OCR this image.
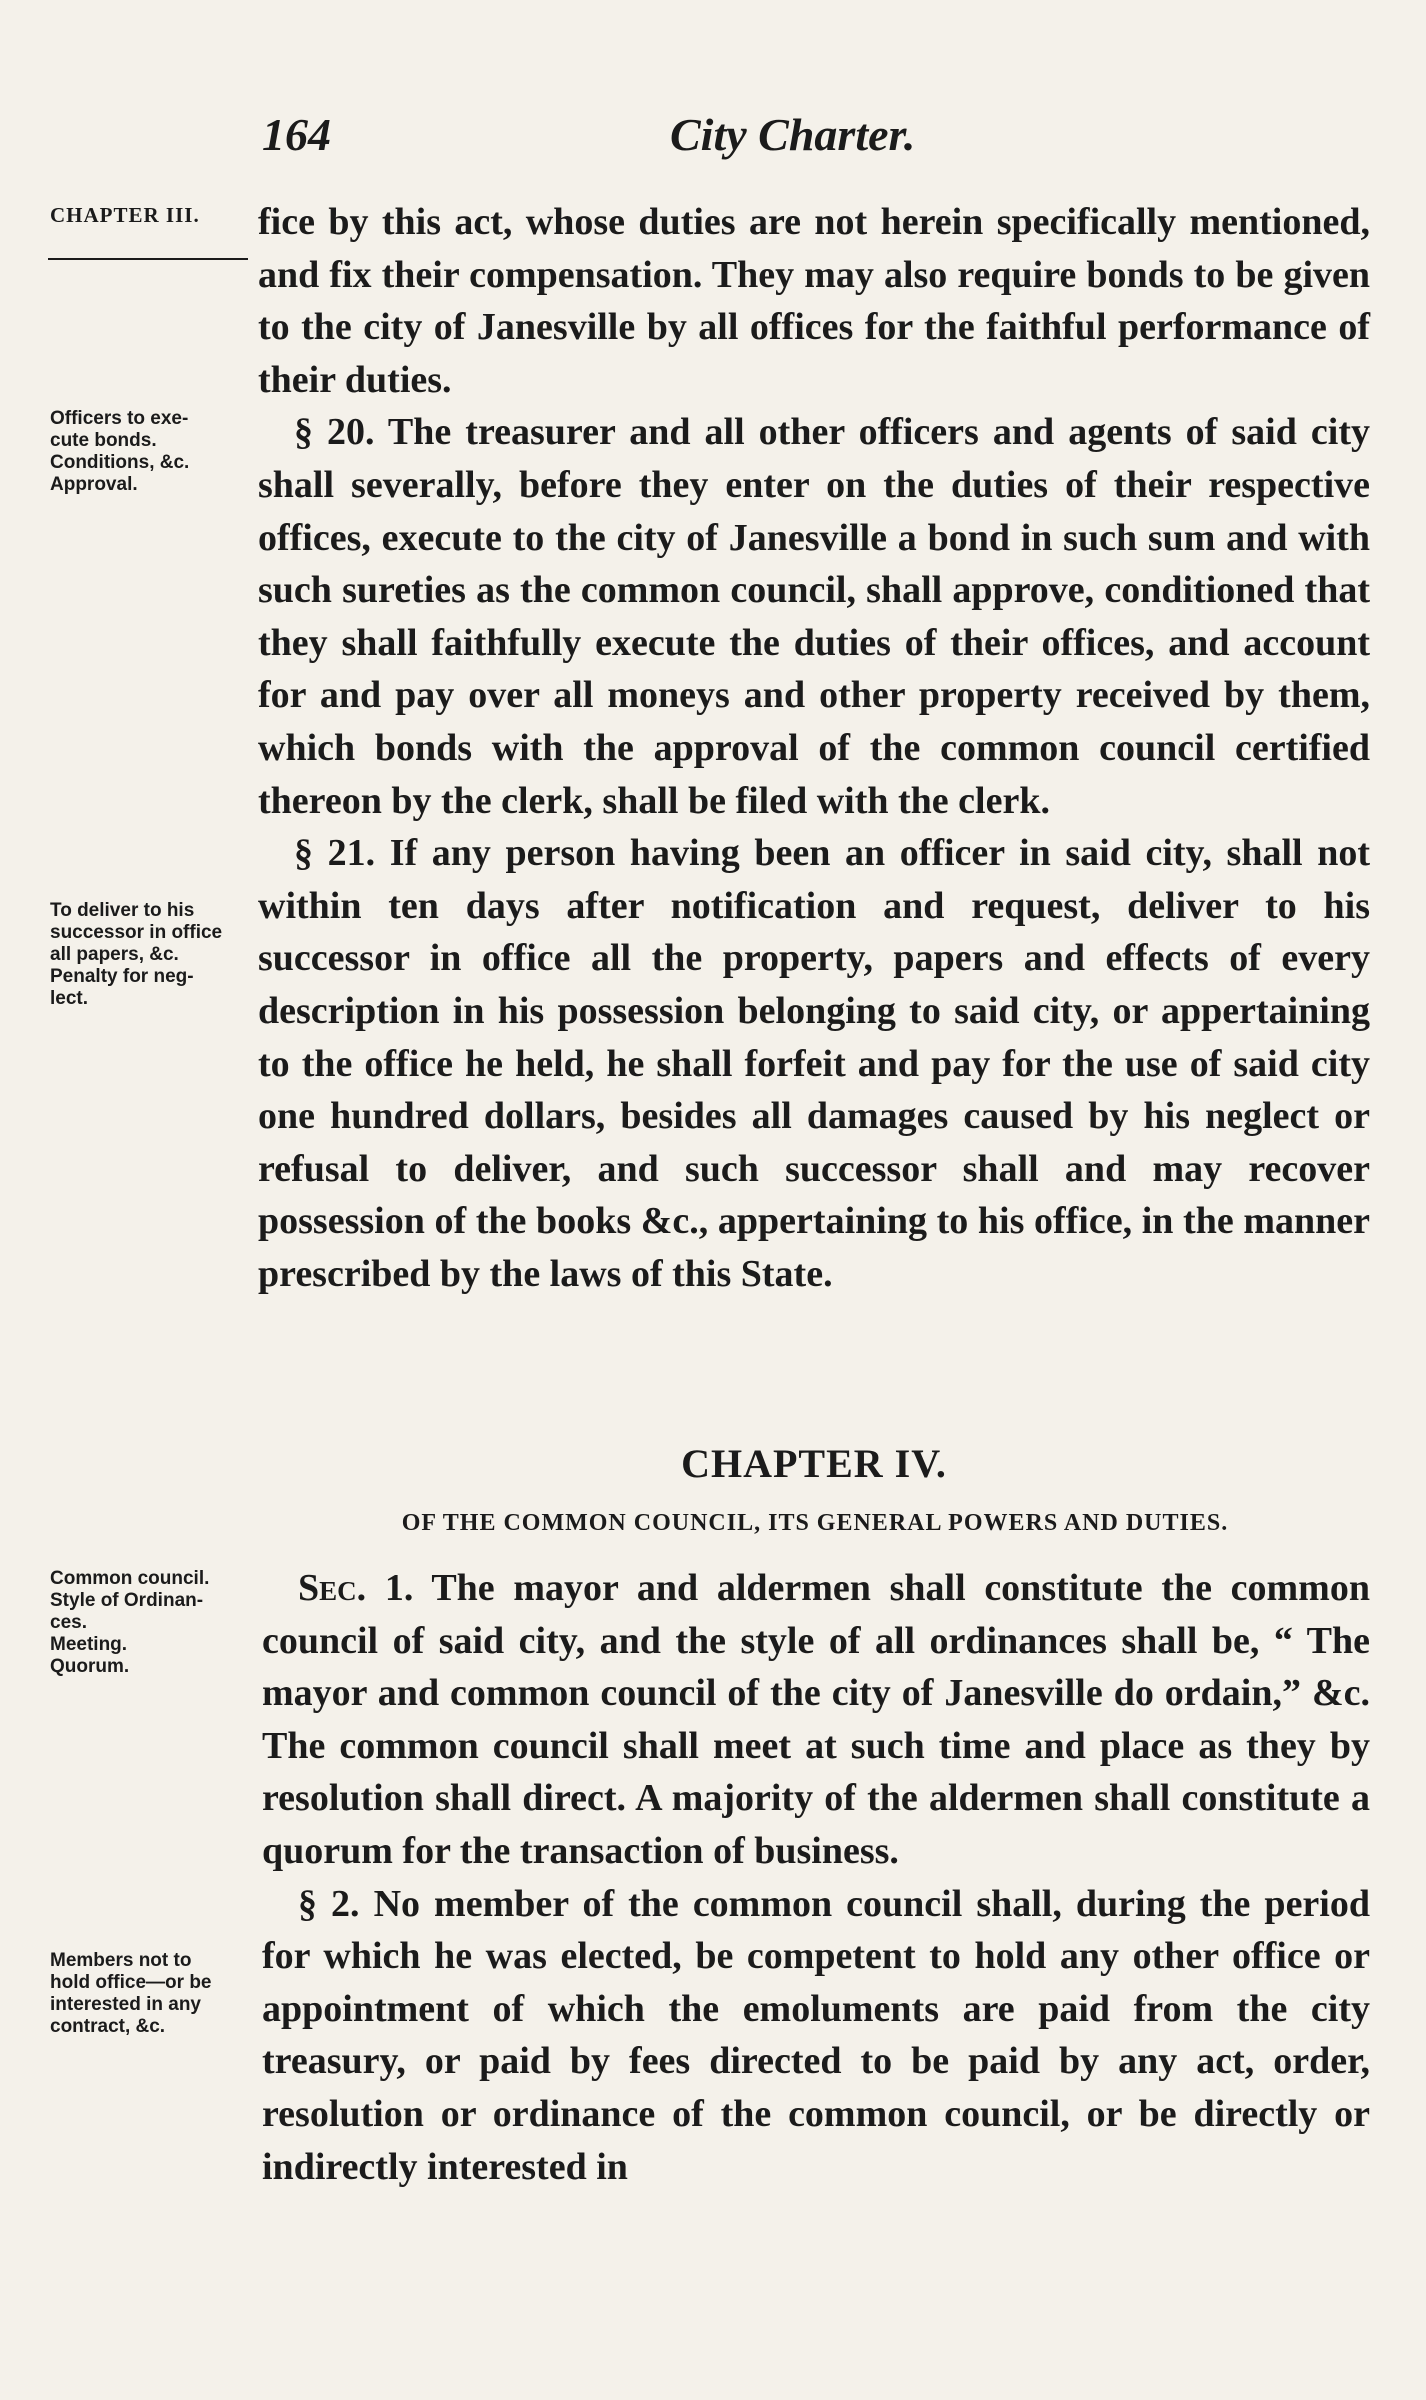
164	City Charter.
CHAPTER III.
Officers to exe-
cute bonds.
Conditions, &c.
Approval.
To deliver to his
successor in office
all papers, &c.
Penalty for neg-
lect.
Common council.
Style of Ordinan-
ces.
Meeting.
Quorum.
Members not to
hold office—or be
interested in any
contract, &c.

fice by this act, whose duties are not herein specifically mentioned, and fix their compensation. They may also require bonds to be given to the city of Janesville by all offices for the faithful performance of their duties.

§ 20. The treasurer and all other officers and agents of said city shall severally, before they enter on the duties of their respective offices, execute to the city of Janesville a bond in such sum and with such sureties as the common council, shall approve, conditioned that they shall faithfully execute the duties of their offices, and account for and pay over all moneys and other property received by them, which bonds with the approval of the common council certified thereon by the clerk, shall be filed with the clerk.

§ 21. If any person having been an officer in said city, shall not within ten days after notification and request, deliver to his successor in office all the property, papers and effects of every description in his possession belonging to said city, or appertaining to the office he held, he shall forfeit and pay for the use of said city one hundred dollars, besides all damages caused by his neglect or refusal to deliver, and such successor shall and may recover possession of the books &c., appertaining to his office, in the manner prescribed by the laws of this State.

CHAPTER IV.
OF THE COMMON COUNCIL, ITS GENERAL POWERS AND DUTIES.

Sec. 1. The mayor and aldermen shall constitute the common council of said city, and the style of all ordinances shall be, “ The mayor and common council of the city of Janesville do ordain,” &c. The common council shall meet at such time and place as they by resolution shall direct. A majority of the aldermen shall constitute a quorum for the transaction of business.

§ 2. No member of the common council shall, during the period for which he was elected, be competent to hold any other office or appointment of which the emoluments are paid from the city treasury, or paid by fees directed to be paid by any act, order, resolution or ordinance of the common council, or be directly or indirectly interested in
